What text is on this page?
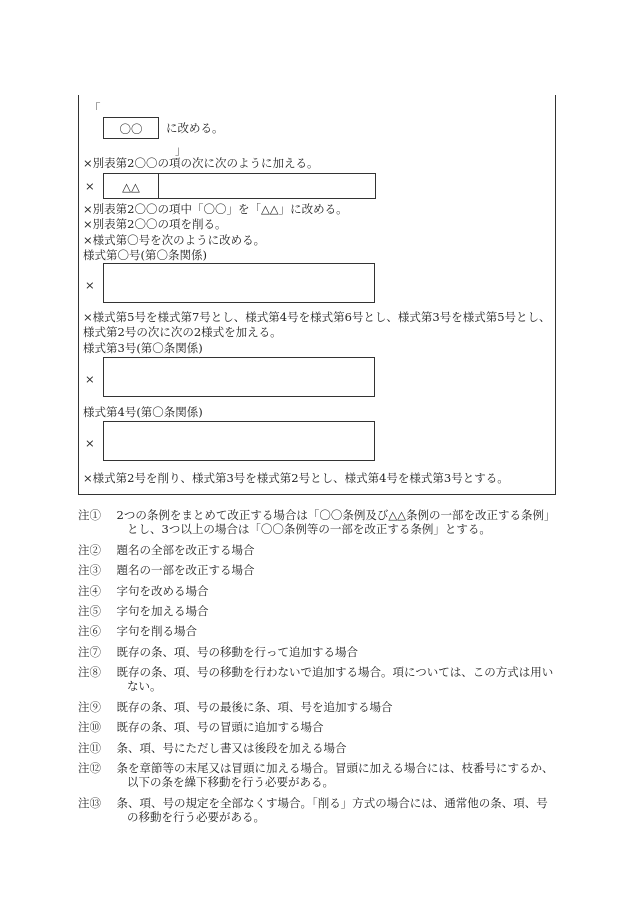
「
〇〇	に改める。
」
×別表第2〇〇の項の次に次のように加える。
×	△△
×別表第2〇〇の項中「〇〇」を「△△」に改める。
×別表第2〇〇の項を削る。
×様式第〇号を次のように改める。
様式第〇号(第〇条関係)
×
×様式第5号を様式第7号とし、様式第4号を様式第6号とし、様式第3号を様式第5号とし、
様式第2号の次に次の2様式を加える。
様式第3号(第〇条関係)
×
様式第4号(第〇条関係)
×
×様式第2号を削り、様式第3号を様式第2号とし、様式第4号を様式第3号とする。
注① 　2つの条例をまとめて改正する場合は「〇〇条例及び△△条例の一部を改正する条例」
とし、3つ以上の場合は「〇〇条例等の一部を改正する条例」とする。
注② 　題名の全部を改正する場合
注③ 　題名の一部を改正する場合
注④ 　字句を改める場合
注⑤ 　字句を加える場合
注⑥ 　字句を削る場合
注⑦ 　既存の条、項、号の移動を行って追加する場合
注⑧ 　既存の条、項、号の移動を行わないで追加する場合。項については、この方式は用い
ない。
注⑨ 　既存の条、項、号の最後に条、項、号を追加する場合
注⑩ 　既存の条、項、号の冒頭に追加する場合
注⑪ 　条、項、号にただし書又は後段を加える場合
注⑫ 　条を章節等の末尾又は冒頭に加える場合。冒頭に加える場合には、枝番号にするか、
以下の条を繰下移動を行う必要がある。
注⑬ 　条、項、号の規定を全部なくす場合。「削る」方式の場合には、通常他の条、項、号
の移動を行う必要がある。
